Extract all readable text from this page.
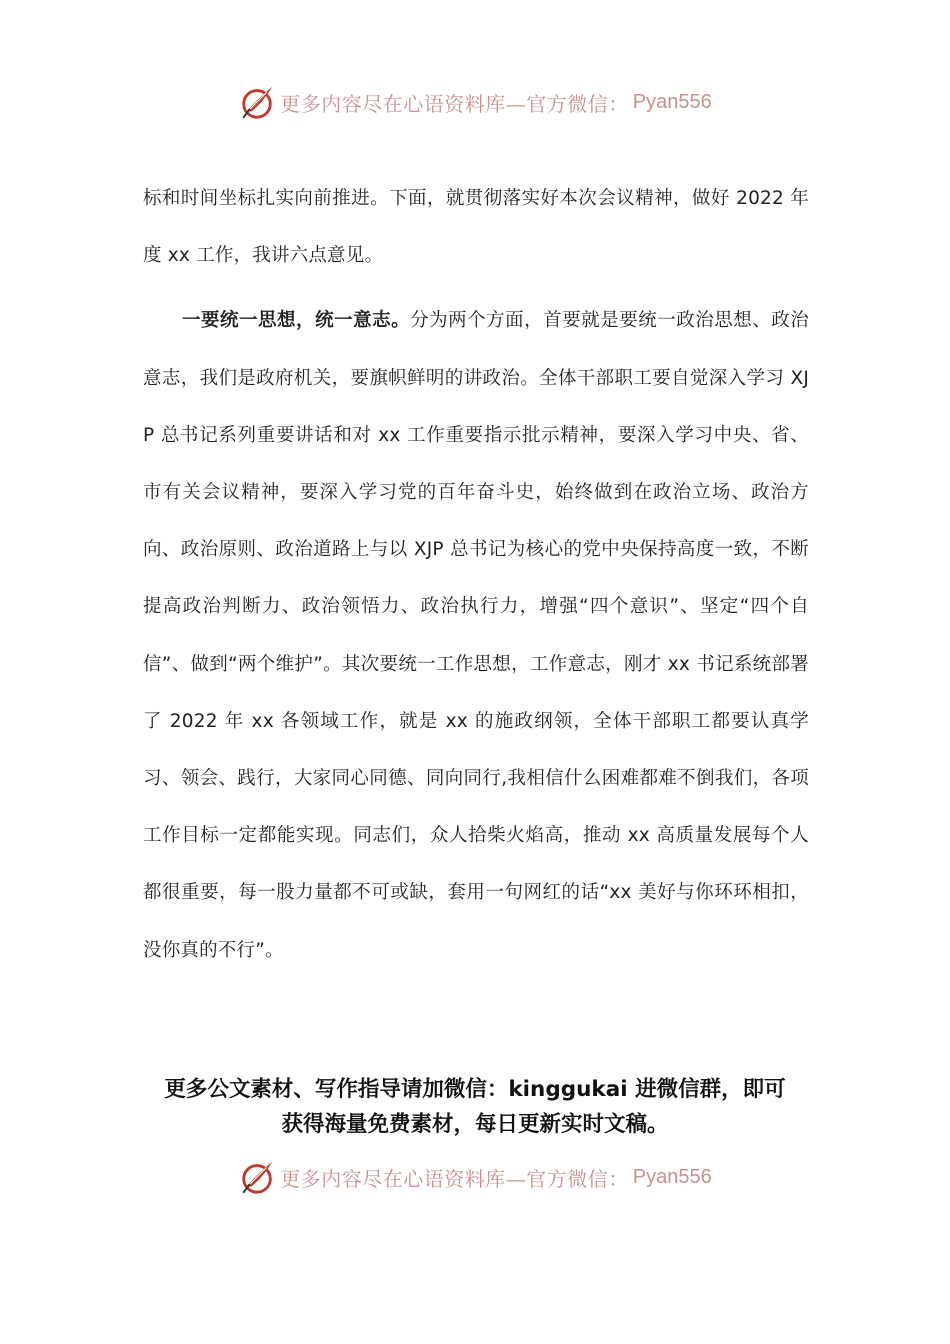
更多内容尽在心语资料库—官方微信： Pyan556

标和时间坐标扎实向前推进。下面，就贯彻落实好本次会议精神，做好 2022 年度 xx 工作，我讲六点意见。

一要统一思想，统一意志。分为两个方面，首要就是要统一政治思想、政治意志，我们是政府机关，要旗帜鲜明的讲政治。全体干部职工要自觉深入学习 XJP 总书记系列重要讲话和对 xx 工作重要指示批示精神，要深入学习中央、省、市有关会议精神，要深入学习党的百年奋斗史，始终做到在政治立场、政治方向、政治原则、政治道路上与以 XJP 总书记为核心的党中央保持高度一致，不断提高政治判断力、政治领悟力、政治执行力，增强“四个意识”、坚定“四个自信”、做到“两个维护”。其次要统一工作思想，工作意志，刚才 xx 书记系统部署了 2022 年 xx 各领域工作，就是 xx 的施政纲领，全体干部职工都要认真学习、领会、践行，大家同心同德、同向同行,我相信什么困难都难不倒我们，各项工作目标一定都能实现。同志们，众人拾柴火焰高，推动 xx 高质量发展每个人都很重要，每一股力量都不可或缺，套用一句网红的话“xx 美好与你环环相扣，没你真的不行”。

更多公文素材、写作指导请加微信：kinggukai 进微信群，即可
获得海量免费素材，每日更新实时文稿。
更多内容尽在心语资料库—官方微信： Pyan556
